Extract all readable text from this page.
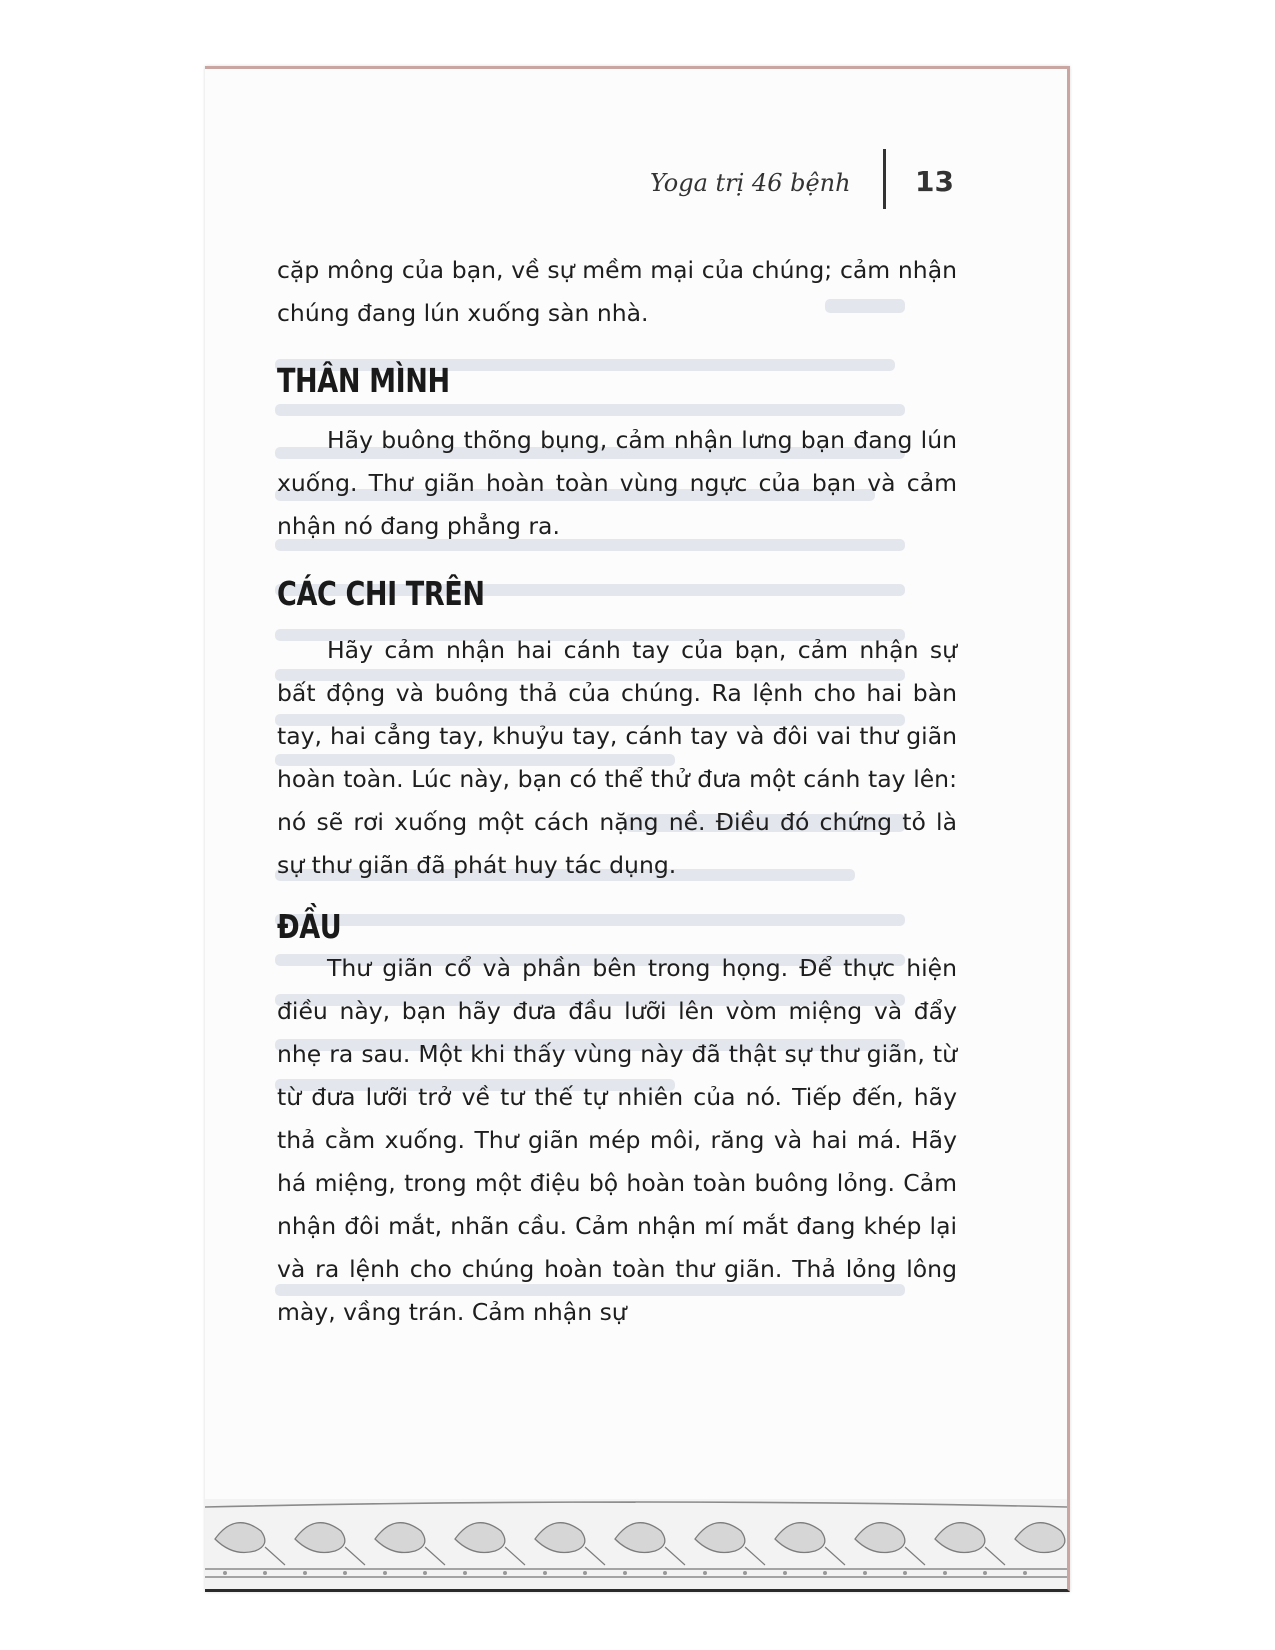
Yoga trị 46 bệnh 13

cặp mông của bạn, về sự mềm mại của chúng; cảm nhận chúng đang lún xuống sàn nhà.

THÂN MÌNH

Hãy buông thõng bụng, cảm nhận lưng bạn đang lún xuống. Thư giãn hoàn toàn vùng ngực của bạn và cảm nhận nó đang phẳng ra.

CÁC CHI TRÊN

Hãy cảm nhận hai cánh tay của bạn, cảm nhận sự bất động và buông thả của chúng. Ra lệnh cho hai bàn tay, hai cẳng tay, khuỷu tay, cánh tay và đôi vai thư giãn hoàn toàn. Lúc này, bạn có thể thử đưa một cánh tay lên: nó sẽ rơi xuống một cách nặng nề. Điều đó chứng tỏ là sự thư giãn đã phát huy tác dụng.

ĐẦU

Thư giãn cổ và phần bên trong họng. Để thực hiện điều này, bạn hãy đưa đầu lưỡi lên vòm miệng và đẩy nhẹ ra sau. Một khi thấy vùng này đã thật sự thư giãn, từ từ đưa lưỡi trở về tư thế tự nhiên của nó. Tiếp đến, hãy thả cằm xuống. Thư giãn mép môi, răng và hai má. Hãy há miệng, trong một điệu bộ hoàn toàn buông lỏng. Cảm nhận đôi mắt, nhãn cầu. Cảm nhận mí mắt đang khép lại và ra lệnh cho chúng hoàn toàn thư giãn. Thả lỏng lông mày, vầng trán. Cảm nhận sự
